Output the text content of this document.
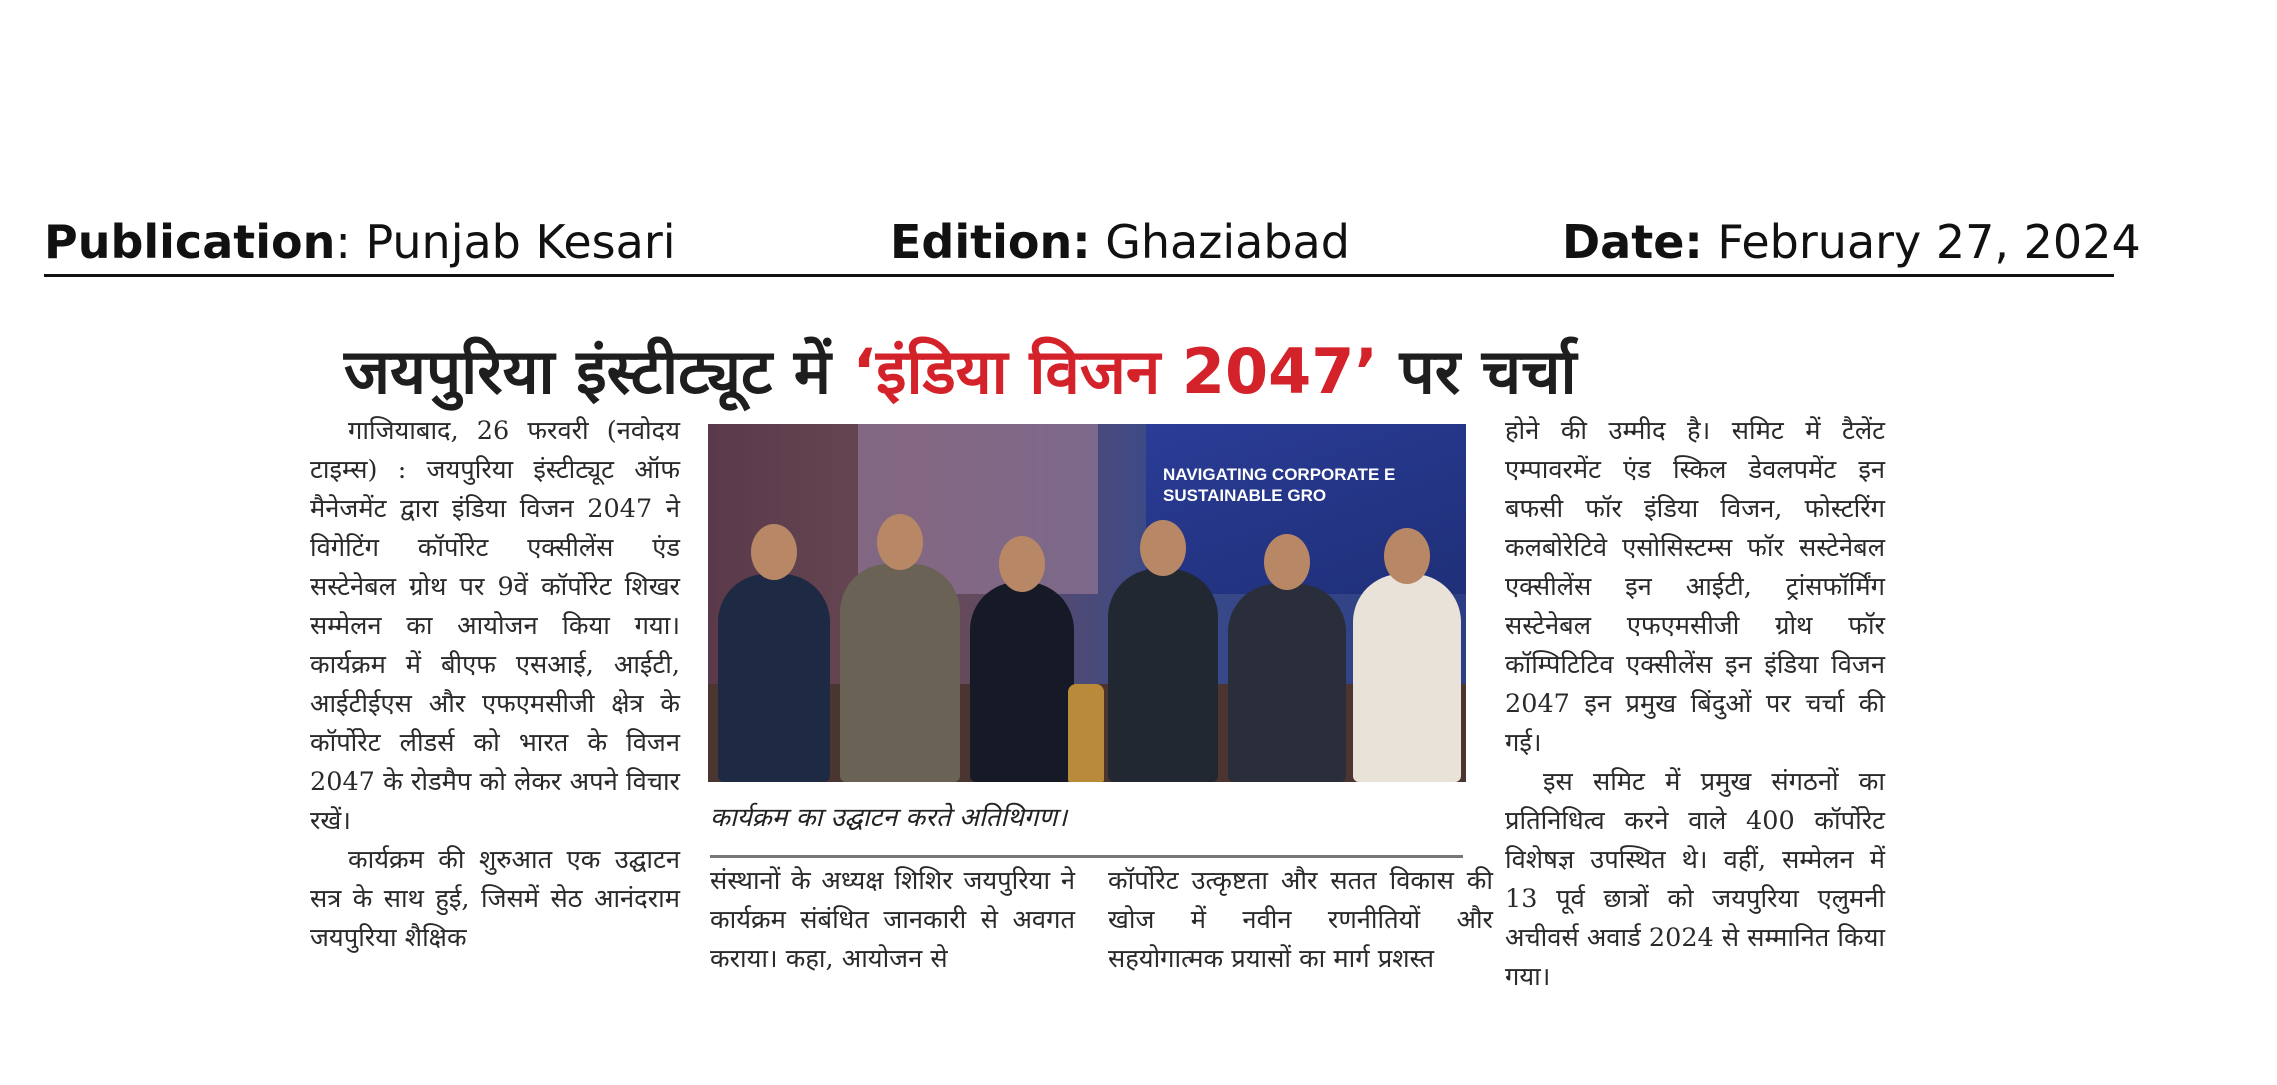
Publication: Punjab Kesari	Edition: Ghaziabad	Date: February 27, 2024
जयपुरिया इंस्टीट्यूट में ‘इंडिया विजन 2047’ पर चर्चा

गाजियाबाद, 26 फरवरी (नवोदय टाइम्स) : जयपुरिया इंस्टीट्यूट ऑफ मैनेजमेंट द्वारा इंडिया विजन 2047 ने विगेटिंग कॉर्पोरेट एक्सीलेंस एंड सस्टेनेबल ग्रोथ पर 9वें कॉर्पोरेट शिखर सम्मेलन का आयोजन किया गया। कार्यक्रम में बीएफ एसआई, आईटी, आईटीईएस और एफएमसीजी क्षेत्र के कॉर्पोरेट लीडर्स को भारत के विजन 2047 के रोडमैप को लेकर अपने विचार रखें।

कार्यक्रम की शुरुआत एक उद्घाटन सत्र के साथ हुई, जिसमें सेठ आनंदराम जयपुरिया शैक्षिक

NAVIGATING CORPORATE E SUSTAINABLE GRO
कार्यक्रम का उद्घाटन करते अतिथिगण।

संस्थानों के अध्यक्ष शिशिर जयपुरिया ने कार्यक्रम संबंधित जानकारी से अवगत कराया। कहा, आयोजन से

कॉर्पोरेट उत्कृष्टता और सतत विकास की खोज में नवीन रणनीतियों और सहयोगात्मक प्रयासों का मार्ग प्रशस्त

होने की उम्मीद है। समिट में टैलेंट एम्पावरमेंट एंड स्किल डेवलपमेंट इन बफसी फॉर इंडिया विजन, फोस्टरिंग कलबोरेटिवे एसोसिस्टम्स फॉर सस्टेनेबल एक्सीलेंस इन आईटी, ट्रांसफॉर्मिंग सस्टेनेबल एफएमसीजी ग्रोथ फॉर कॉम्पिटिटिव एक्सीलेंस इन इंडिया विजन 2047 इन प्रमुख बिंदुओं पर चर्चा की गई।

इस समिट में प्रमुख संगठनों का प्रतिनिधित्व करने वाले 400 कॉर्पोरेट विशेषज्ञ उपस्थित थे। वहीं, सम्मेलन में 13 पूर्व छात्रों को जयपुरिया एलुमनी अचीवर्स अवार्ड 2024 से सम्मानित किया गया।
